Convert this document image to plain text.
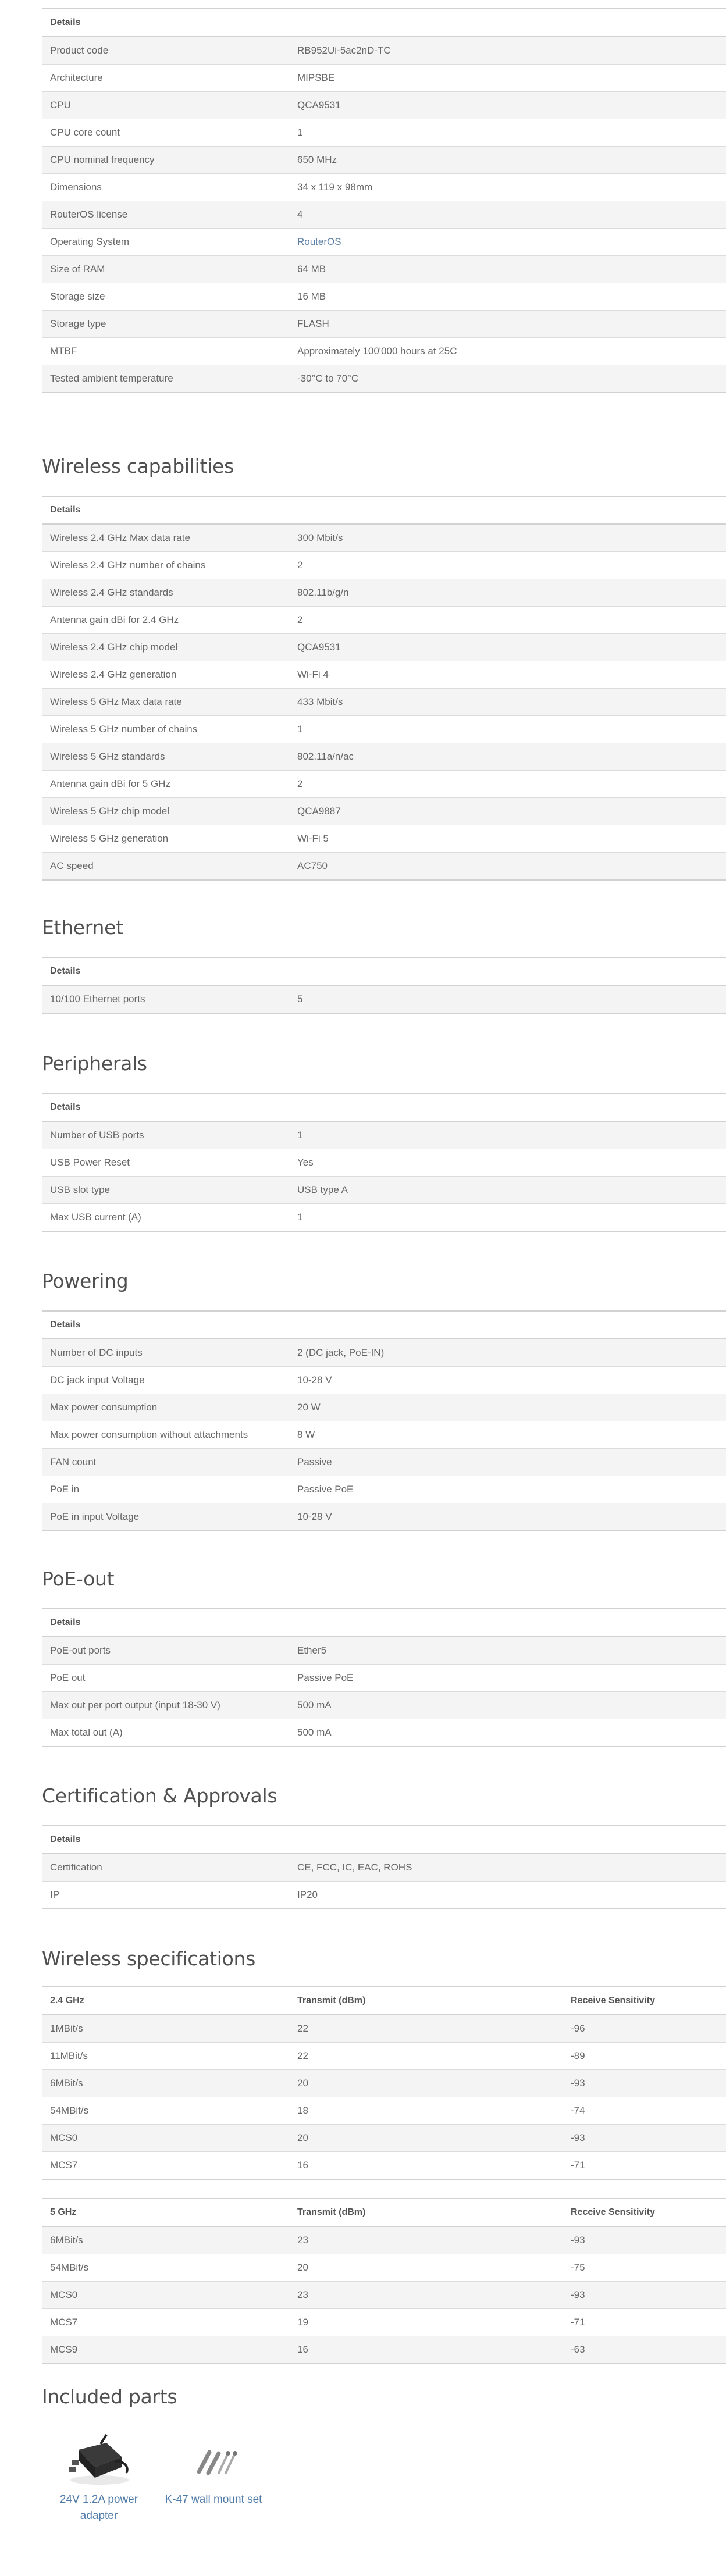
Details	
Product code	RB952Ui-5ac2nD-TC
Architecture	MIPSBE
CPU	QCA9531
CPU core count	1
CPU nominal frequency	650 MHz
Dimensions	34 x 119 x 98mm
RouterOS license	4
Operating System	RouterOS
Size of RAM	64 MB
Storage size	16 MB
Storage type	FLASH
MTBF	Approximately 100'000 hours at 25C
Tested ambient temperature	-30°C to 70°C
Wireless capabilities
Details	
Wireless 2.4 GHz Max data rate	300 Mbit/s
Wireless 2.4 GHz number of chains	2
Wireless 2.4 GHz standards	802.11b/g/n
Antenna gain dBi for 2.4 GHz	2
Wireless 2.4 GHz chip model	QCA9531
Wireless 2.4 GHz generation	Wi-Fi 4
Wireless 5 GHz Max data rate	433 Mbit/s
Wireless 5 GHz number of chains	1
Wireless 5 GHz standards	802.11a/n/ac
Antenna gain dBi for 5 GHz	2
Wireless 5 GHz chip model	QCA9887
Wireless 5 GHz generation	Wi-Fi 5
AC speed	AC750
Ethernet
Details
10/100 Ethernet ports	5
Peripherals
Details	
Number of USB ports	1
USB Power Reset	Yes
USB slot type	USB type A
Max USB current (A)	1
Powering
Details	
Number of DC inputs	2 (DC jack, PoE-IN)
DC jack input Voltage	10-28 V
Max power consumption	20 W
Max power consumption without attachments	8 W
FAN count	Passive
PoE in	Passive PoE
PoE in input Voltage	10-28 V
PoE-out
Details	
PoE-out ports	Ether5
PoE out	Passive PoE
Max out per port output (input 18-30 V)	500 mA
Max total out (A)	500 mA
Certification & Approvals
Details	
Certification	CE, FCC, IC, EAC, ROHS
IP	IP20
Wireless specifications
2.4 GHz	Transmit (dBm)	Receive Sensitivity
1MBit/s	22	-96
11MBit/s	22	-89
6MBit/s	20	-93
54MBit/s	18	-74
MCS0	20	-93
MCS7	16	-71
5 GHz	Transmit (dBm)	Receive Sensitivity
6MBit/s	23	-93
54MBit/s	20	-75
MCS0	23	-93
MCS7	19	-71
MCS9	16	-63
Included parts
24V 1.2A power adapter
K-47 wall mount set
